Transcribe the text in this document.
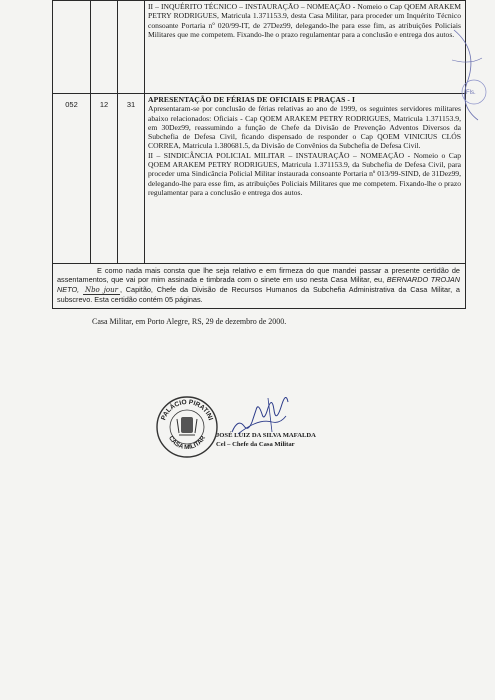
			II – INQUÉRITO TÉCNICO – INSTAURAÇÃO – NOMEAÇÃO - Nomeio o Cap QOEM ARAKEM PETRY RODRIGUES, Matricula 1.371153.9, desta Casa Militar, para proceder um Inquérito Técnico consoante Portaria nº 020/99-IT, de 27Dez99, delegando-lhe para esse fim, as atribuições Policiais Militares que me competem. Fixando-lhe o prazo regulamentar para a conclusão e entrega dos autos.

052	12	31	APRESENTAÇÃO DE FÉRIAS DE OFICIAIS E PRAÇAS - I

Apresentaram-se por conclusão de férias relativas ao ano de 1999, os seguintes servidores militares abaixo relacionados: Oficiais - Cap QOEM ARAKEM PETRY RODRIGUES, Matricula 1.371153.9, em 30Dez99, reassumindo a função de Chefe da Divisão de Prevenção Adventos Diversos da Subchefia de Defesa Civil, ficando dispensado de responder o Cap QOEM VINICIUS CLÓS CORREA, Matricula 1.380681.5, da Divisão de Convênios da Subchefia de Defesa Civil.

II – SINDICÂNCIA POLICIAL MILITAR – INSTAURAÇÃO – NOMEAÇÃO - Nomeio o Cap QOEM ARAKEM PETRY RODRIGUES, Matricula 1.371153.9, da Subchefia de Defesa Civil, para proceder uma Sindicância Policial Militar instaurada consoante Portaria nº 013/99-SIND, de 31Dez99, delegando-lhe para esse fim, as atribuições Policiais Militares que me competem. Fixando-lhe o prazo regulamentar para a conclusão e entrega dos autos.

E como nada mais consta que lhe seja relativo e em firmeza do que mandei passar a presente certidão de assentamentos, que vai por mim assinada e timbrada com o sinete em uso nesta Casa Militar, eu, BERNARDO TROJAN NETO, Nbo jour , Capitão, Chefe da Divisão de Recursos Humanos da Subchefia Administrativa da Casa Militar, a subscrevo. Esta certidão contém 05 páginas.			
Fls.
Casa Militar, em Porto Alegre, RS, 29 de dezembro de 2000.
PALÁCIO PIRATINI
CASA MILITAR JOSÉ LUIZ DA SILVA MAFALDA
Cel – Chefe da Casa Militar
